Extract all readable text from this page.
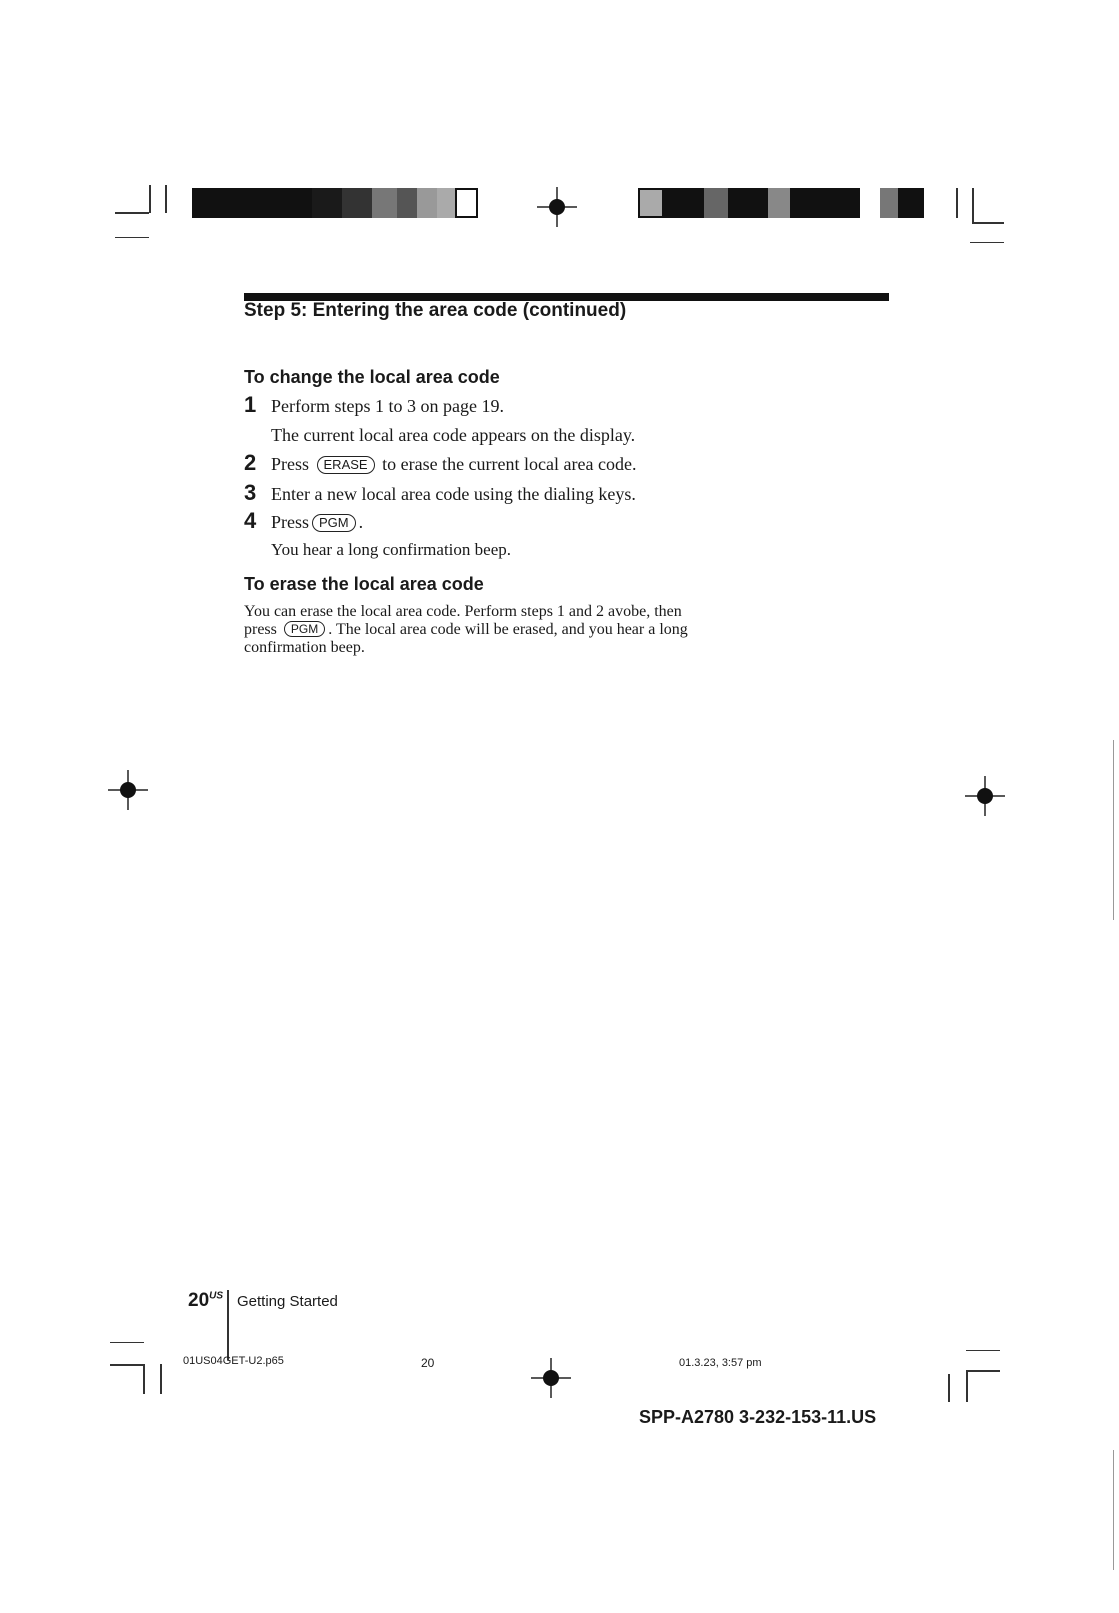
Step 5: Entering the area code (continued)
To change the local area code
1 Perform steps 1 to 3 on page 19.
The current local area code appears on the display.
2 Press ERASE to erase the current local area code.
3 Enter a new local area code using the dialing keys.
4 Press PGM .
You hear a long confirmation beep.
To erase the local area code
You can erase the local area code. Perform steps 1 and 2 avobe, then
press PGM . The local area code will be erased, and you hear a long
confirmation beep.
$20^{US}$ Getting Started
01US04GET-U2.p65	20	01.3.23, 3:57 pm
SPP-A2780 3-232-153-11.US
